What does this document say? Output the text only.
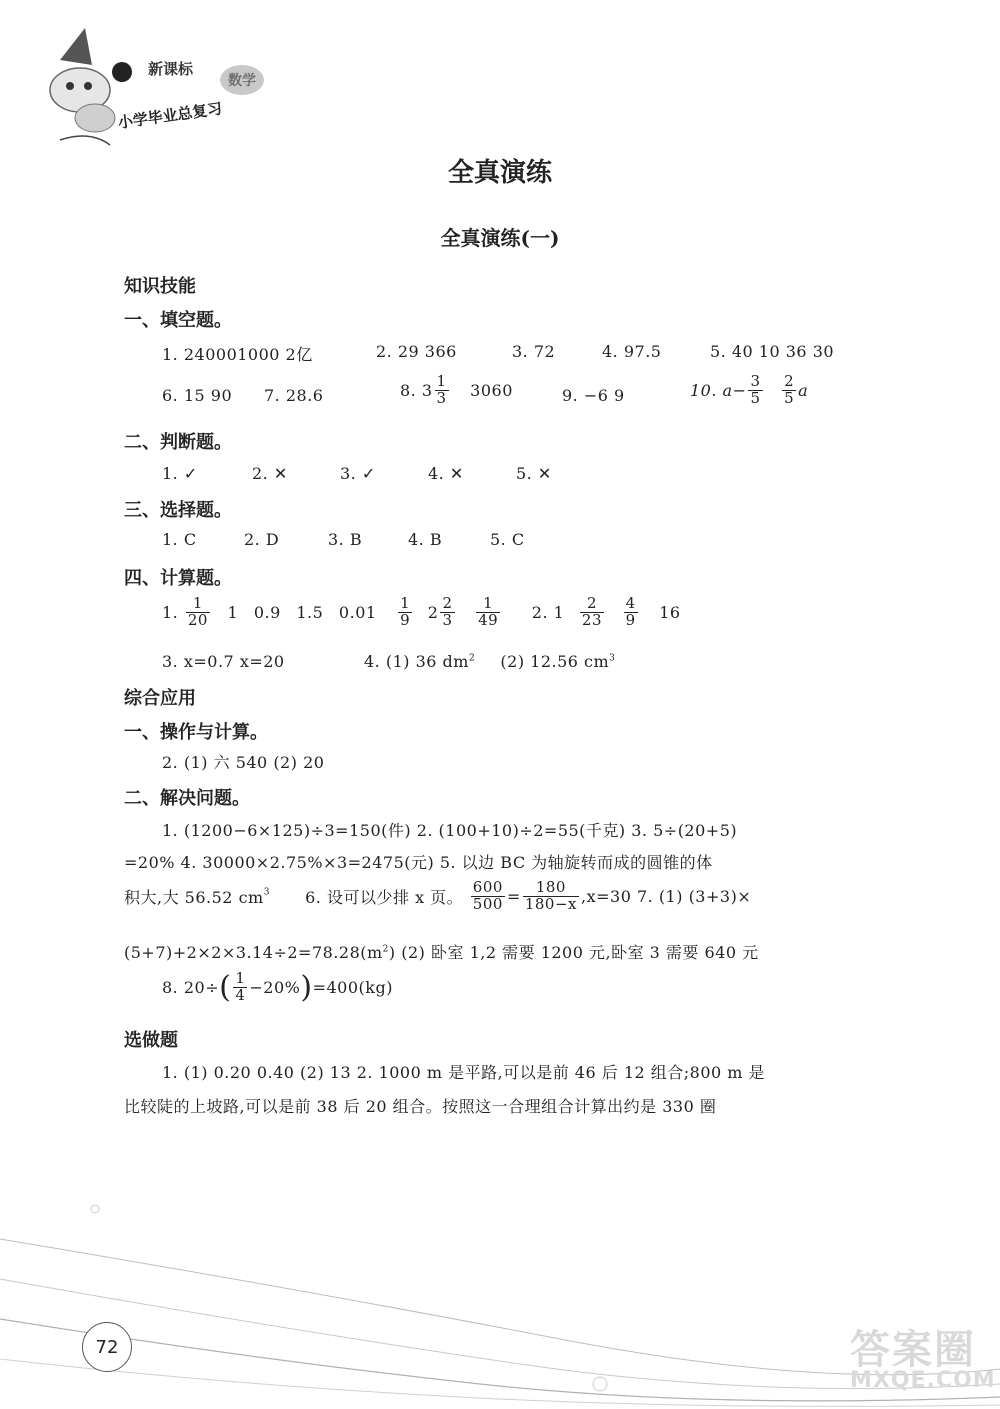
新课标
小学毕业总复习
数学
全真演练
全真演练(一)
知识技能
一、填空题。
1. 240001000 2亿	2. 29 366	3. 72	4. 97.5	5. 40 10 36 30
6. 15 90 7. 28.6	8. $3 \frac{1}{3} 3060$	9. −6 9	10. $a- \frac{3}{5}$
$\frac{2}{5}$ a
二、判断题。
1. ✓	2. ✕	3. ✓	4. ✕	5. ✕
三、选择题。
1. C	2. D	3. B	4. B	5. C
四、计算题。
1. $\frac{1}{20} 1$ 0.9 1.5 $0.01 \frac{1}{9} 2 \frac{2}{3}$
$\frac{1}{49} 2$. $1 \frac{2}{23}$
$\frac{4}{9} 16$
3. x=0.7 x=20	4. (1) 36 $dm^2$ (2) 12.56 $cm^3$
综合应用
一、操作与计算。
2. (1) 六 540 (2) 20
二、解决问题。
1. (1200−6×125)÷3=150(件) 2. (100+10)÷2=55(千克) 3. 5÷(20+5)
=20% 4. 30000×2.75%×3=2475(元) 5. 以边 BC 为轴旋转而成的圆锥的体
积大,大 56.52 $cm^3$ 6. 设可以少排 x 页。 $\frac{600}{500} = \frac{180}{180-x} ,x=30$ 7. (1) (3+3)×
$(5+7)+2\times 2\times 3.14\div 2=78.28(m^2)$ (2) 卧室 1,2 需要 1200 元,卧室 3 需要 640 元
8. $20\div( \frac{1}{4} -20\%)=400(kg)$
选做题
1. (1) 0.20 0.40 (2) 13 2. 1000 m 是平路,可以是前 46 后 12 组合;800 m 是
比较陡的上坡路,可以是前 38 后 20 组合。按照这一合理组合计算出约是 330 圈
72	答案圈
MXQE.COM
